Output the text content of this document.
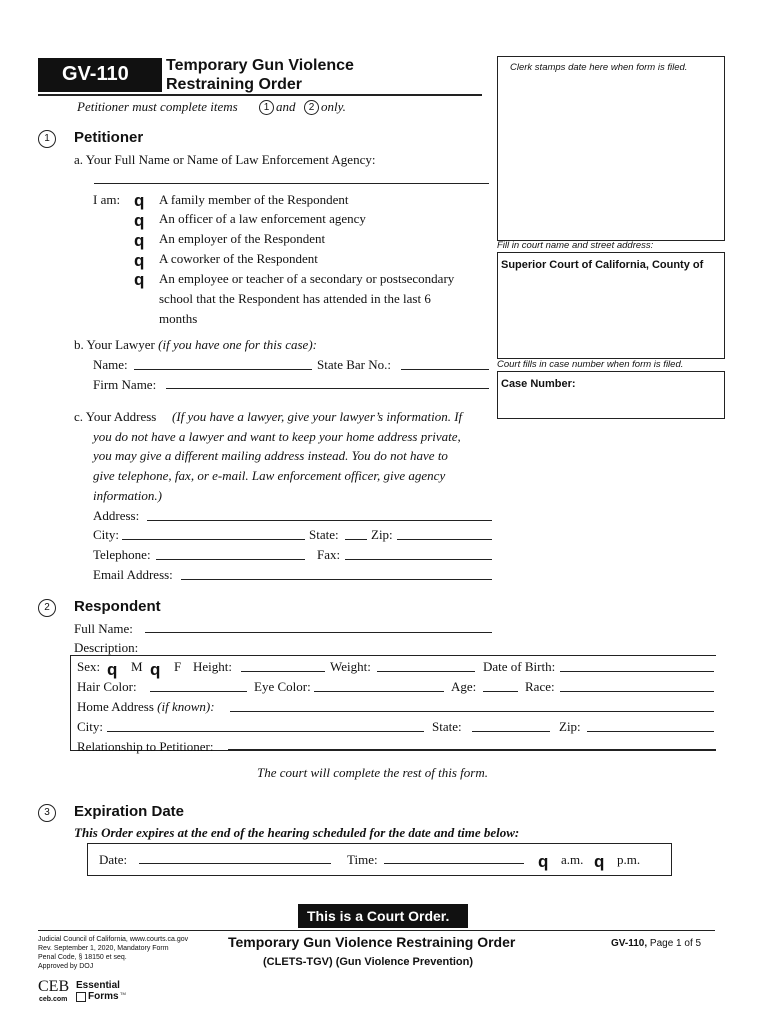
GV-110 Temporary Gun Violence
Restraining Order
Petitioner must complete items	1 and	2 only.
Clerk stamps date here when form is filed.
Fill in court name and street address:
Superior Court of California, County of
Court fills in case number when form is filed.
Case Number:
1	Petitioner
a. Your Full Name or Name of Law Enforcement Agency:
I am: q A family member of the Respondent
q An officer of a law enforcement agency
q An employer of the Respondent
q A coworker of the Respondent
q An employee or teacher of a secondary or postsecondary
school that the Respondent has attended in the last 6
months
b. Your Lawyer (if you have one for this case):
Name:	State Bar No.:
Firm Name:
c. Your Address (If you have a lawyer, give your lawyer’s information. If
you do not have a lawyer and want to keep your home address private,
you may give a different mailing address instead. You do not have to
give telephone, fax, or e-mail. Law enforcement officer, give agency
information.)
Address:
City:	State: Zip:
Telephone:	Fax:
Email Address:
2	Respondent
Full Name:
Description:
Sex: q M q F Height:	Weight:	Date of Birth:
Hair Color:	Eye Color:	Age:	Race:
Home Address (if known):
City:	State:	Zip:
Relationship to Petitioner:
The court will complete the rest of this form.
3	Expiration Date
This Order expires at the end of the hearing scheduled for the date and time below:
Date:	Time:	q a.m. q p.m.
This is a Court Order.
Judicial Council of California, www.courts.ca.gov
Rev. September 1, 2020, Mandatory Form
Penal Code, § 18150 et seq.
Approved by DOJ
Temporary Gun Violence Restraining Order
(CLETS-TGV) (Gun Violence Prevention)
GV-110, Page 1 of 5
CEB
ceb.com
Essential
Forms TM
